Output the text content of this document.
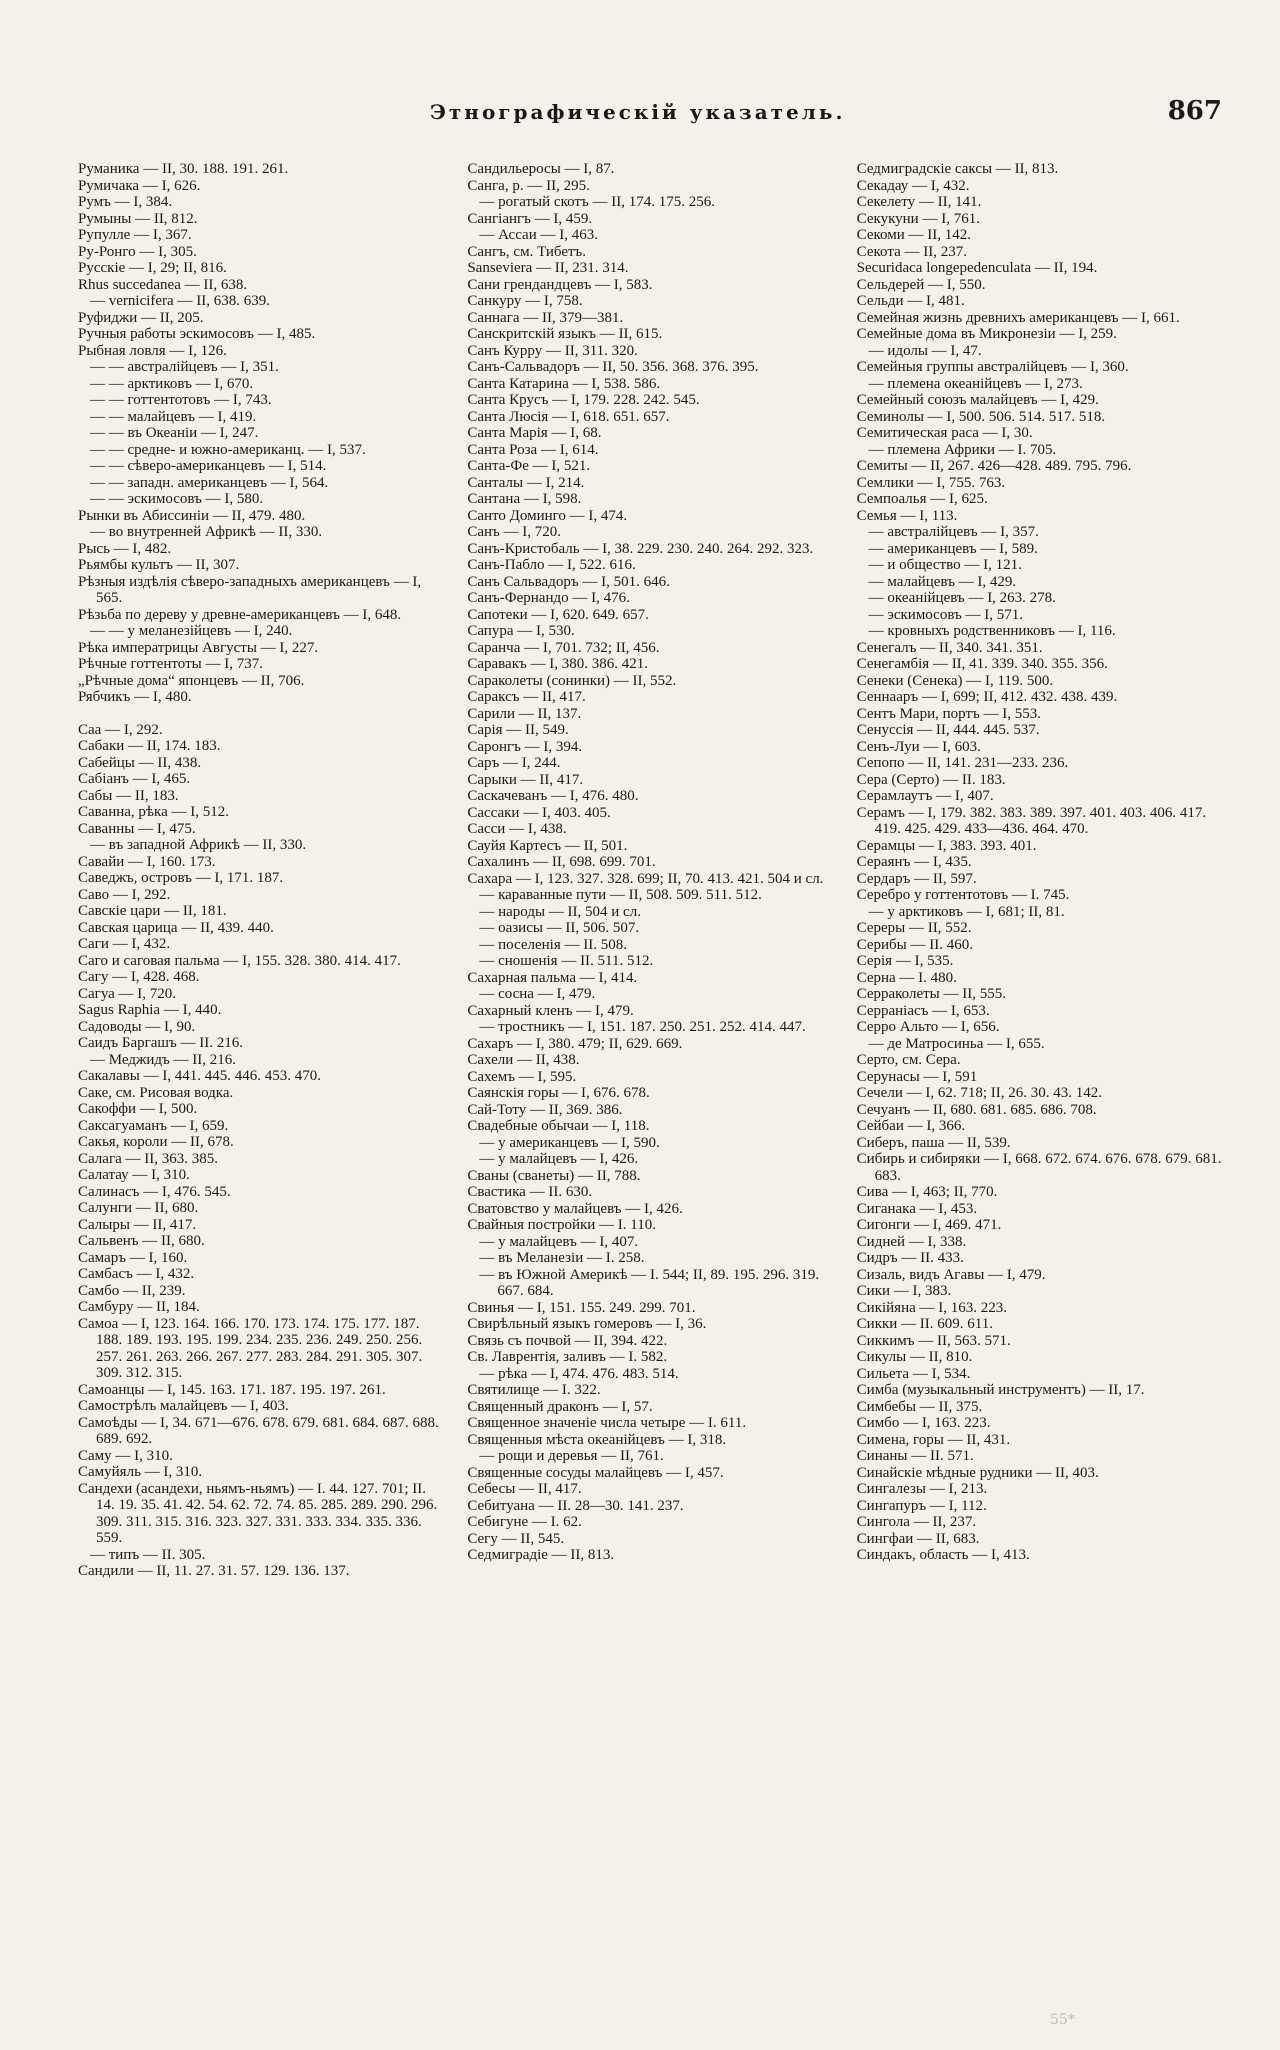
Этнографическiй указатель.	867
Руманика — II, 30. 188. 191. 261.
Румичака — I, 626.
Румъ — I, 384.
Румыны — II, 812.
Рупулле — I, 367.
Ру-Ронго — I, 305.
Русскiе — I, 29; II, 816.
Rhus succedanea — II, 638.
— vernicifera — II, 638. 639.
Руфиджи — II, 205.
Ручныя работы эскимосовъ — I, 485.
Рыбная ловля — I, 126.
— — австралiйцевъ — I, 351.
— — арктиковъ — I, 670.
— — готтентотовъ — I, 743.
— — малайцевъ — I, 419.
— — въ Океанiи — I, 247.
— — средне- и южно-американц. — I, 537.
— — сѣверо-американцевъ — I, 514.
— — западн. американцевъ — I, 564.
— — эскимосовъ — I, 580.
Рынки въ Абиссинiи — II, 479. 480.
— во внутренней Африкѣ — II, 330.
Рысь — I, 482.
Рьямбы культъ — II, 307.
Рѣзныя издѣлiя сѣверо-западныхъ американцевъ — I, 565.
Рѣзьба по дереву у древне-американцевъ — I, 648.
— — у меланезiйцевъ — I, 240.
Рѣка императрицы Августы — I, 227.
Рѣчные готтентоты — I, 737.
„Рѣчные дома“ японцевъ — II, 706.
Рябчикъ — I, 480.
Саа — I, 292.
Сабаки — II, 174. 183.
Сабейцы — II, 438.
Сабiанъ — I, 465.
Сабы — II, 183.
Саванна, рѣка — I, 512.
Саванны — I, 475.
— въ западной Африкѣ — II, 330.
Савайи — I, 160. 173.
Саведжъ, островъ — I, 171. 187.
Саво — I, 292.
Савскiе цари — II, 181.
Савская царица — II, 439. 440.
Саги — I, 432.
Саго и саговая пальма — I, 155. 328. 380. 414. 417.
Сагу — I, 428. 468.
Сагуа — I, 720.
Sagus Raphia — I, 440.
Садоводы — I, 90.
Саидъ Баргашъ — II. 216.
— Меджидъ — II, 216.
Сакалавы — I, 441. 445. 446. 453. 470.
Саке, см. Рисовая водка.
Сакоффи — I, 500.
Саксагуаманъ — I, 659.
Сакья, короли — II, 678.
Салага — II, 363. 385.
Салатау — I, 310.
Салинасъ — I, 476. 545.
Салунги — II, 680.
Салыры — II, 417.
Сальвенъ — II, 680.
Самаръ — I, 160.
Самбасъ — I, 432.
Самбо — II, 239.
Самбуру — II, 184.
Самоа — I, 123. 164. 166. 170. 173. 174. 175. 177. 187. 188. 189. 193. 195. 199. 234. 235. 236. 249. 250. 256. 257. 261. 263. 266. 267. 277. 283. 284. 291. 305. 307. 309. 312. 315.
Самоанцы — I, 145. 163. 171. 187. 195. 197. 261.
Самострѣлъ малайцевъ — I, 403.
Самоѣды — I, 34. 671—676. 678. 679. 681. 684. 687. 688. 689. 692.
Саму — I, 310.
Самуйяль — I, 310.
Сандехи (асандехи, ньямъ-ньямъ) — I. 44. 127. 701; II. 14. 19. 35. 41. 42. 54. 62. 72. 74. 85. 285. 289. 290. 296. 309. 311. 315. 316. 323. 327. 331. 333. 334. 335. 336. 559.
— типъ — II. 305.
Сандили — II, 11. 27. 31. 57. 129. 136. 137.
Сандильеросы — I, 87.
Санга, р. — II, 295.
— рогатый скотъ — II, 174. 175. 256.
Сангiангъ — I, 459.
— Ассаи — I, 463.
Сангъ, см. Тибетъ.
Sanseviera — II, 231. 314.
Сани грендандцевъ — I, 583.
Санкуру — I, 758.
Саннага — II, 379—381.
Санскритскiй языкъ — II, 615.
Санъ Курру — II, 311. 320.
Санъ-Сальвадоръ — II, 50. 356. 368. 376. 395.
Санта Катарина — I, 538. 586.
Санта Крусъ — I, 179. 228. 242. 545.
Санта Люсiя — I, 618. 651. 657.
Санта Марiя — I, 68.
Санта Роза — I, 614.
Санта-Фе — I, 521.
Санталы — I, 214.
Сантана — I, 598.
Санто Доминго — I, 474.
Санъ — I, 720.
Санъ-Кристобаль — I, 38. 229. 230. 240. 264. 292. 323.
Санъ-Пабло — I, 522. 616.
Санъ Сальвадоръ — I, 501. 646.
Санъ-Фернандо — I, 476.
Сапотеки — I, 620. 649. 657.
Сапура — I, 530.
Саранча — I, 701. 732; II, 456.
Саравакъ — I, 380. 386. 421.
Сараколеты (сонинки) — II, 552.
Сараксъ — II, 417.
Сарили — II, 137.
Сарiя — II, 549.
Саронгъ — I, 394.
Саръ — I, 244.
Сарыки — II, 417.
Саскачеванъ — I, 476. 480.
Сассаки — I, 403. 405.
Сасси — I, 438.
Сауйя Картесъ — II, 501.
Сахалинъ — II, 698. 699. 701.
Сахара — I, 123. 327. 328. 699; II, 70. 413. 421. 504 и сл.
— караванные пути — II, 508. 509. 511. 512.
— народы — II, 504 и сл.
— оазисы — II, 506. 507.
— поселенiя — II. 508.
— сношенiя — II. 511. 512.
Сахарная пальма — I, 414.
— сосна — I, 479.
Сахарный кленъ — I, 479.
— тростникъ — I, 151. 187. 250. 251. 252. 414. 447.
Сахаръ — I, 380. 479; II, 629. 669.
Сахели — II, 438.
Сахемъ — I, 595.
Саянскiя горы — I, 676. 678.
Сай-Тоту — II, 369. 386.
Свадебные обычаи — I, 118.
— у американцевъ — I, 590.
— у малайцевъ — I, 426.
Сваны (сванеты) — II, 788.
Свастика — II. 630.
Сватовство у малайцевъ — I, 426.
Свайныя постройки — I. 110.
— у малайцевъ — I, 407.
— въ Меланезiи — I. 258.
— въ Южной Америкѣ — I. 544; II, 89. 195. 296. 319. 667. 684.
Свинья — I, 151. 155. 249. 299. 701.
Свирѣльный языкъ гомеровъ — I, 36.
Связь съ почвой — II, 394. 422.
Св. Лаврентiя, заливъ — I. 582.
— рѣка — I, 474. 476. 483. 514.
Святилище — I. 322.
Священный драконъ — I, 57.
Священное значенiе числа четыре — I. 611.
Священныя мѣста океанiйцевъ — I, 318.
— рощи и деревья — II, 761.
Священные сосуды малайцевъ — I, 457.
Себесы — II, 417.
Себитуана — II. 28—30. 141. 237.
Себигуне — I. 62.
Сегу — II, 545.
Седмиградiе — II, 813.
Седмиградскiе саксы — II, 813.
Секадау — I, 432.
Секелету — II, 141.
Секукуни — I, 761.
Секоми — II, 142.
Секота — II, 237.
Securidaca longepedenculata — II, 194.
Сельдерей — I, 550.
Сельди — I, 481.
Семейная жизнь древнихъ американцевъ — I, 661.
Семейные дома въ Микронезiи — I, 259.
— идолы — I, 47.
Семейныя группы австралiйцевъ — I, 360.
— племена океанiйцевъ — I, 273.
Семейный союзъ малайцевъ — I, 429.
Семинолы — I, 500. 506. 514. 517. 518.
Семитическая раса — I, 30.
— племена Африки — I. 705.
Семиты — II, 267. 426—428. 489. 795. 796.
Семлики — I, 755. 763.
Семпоалья — I, 625.
Семья — I, 113.
— австралiйцевъ — I, 357.
— американцевъ — I, 589.
— и общество — I, 121.
— малайцевъ — I, 429.
— океанiйцевъ — I, 263. 278.
— эскимосовъ — I, 571.
— кровныхъ родственниковъ — I, 116.
Сенегалъ — II, 340. 341. 351.
Сенегамбiя — II, 41. 339. 340. 355. 356.
Сенеки (Сенека) — I, 119. 500.
Сеннааръ — I, 699; II, 412. 432. 438. 439.
Сентъ Мари, портъ — I, 553.
Сенуссiя — II, 444. 445. 537.
Сенъ-Луи — I, 603.
Сепопо — II, 141. 231—233. 236.
Сера (Серто) — II. 183.
Серамлаутъ — I, 407.
Серамъ — I, 179. 382. 383. 389. 397. 401. 403. 406. 417. 419. 425. 429. 433—436. 464. 470.
Серамцы — I, 383. 393. 401.
Сераянъ — I, 435.
Сердаръ — II, 597.
Серебро у готтентотовъ — I. 745.
— у арктиковъ — I, 681; II, 81.
Сереры — II, 552.
Серибы — II. 460.
Серiя — I, 535.
Серна — I. 480.
Серраколеты — II, 555.
Серранiасъ — I, 653.
Серро Альто — I, 656.
— де Матросиньа — I, 655.
Серто, см. Сера.
Серунасы — I, 591
Сечели — I, 62. 718; II, 26. 30. 43. 142.
Сечуанъ — II, 680. 681. 685. 686. 708.
Сейбаи — I, 366.
Сиберъ, паша — II, 539.
Сибирь и сибиряки — I, 668. 672. 674. 676. 678. 679. 681. 683.
Сива — I, 463; II, 770.
Сиганака — I, 453.
Сигонги — I, 469. 471.
Сидней — I, 338.
Сидръ — II. 433.
Сизаль, видъ Агавы — I, 479.
Сики — I, 383.
Сикiйяна — I, 163. 223.
Сикки — II. 609. 611.
Сиккимъ — II, 563. 571.
Сикулы — II, 810.
Сильета — I, 534.
Симба (музыкальный инструментъ) — II, 17.
Симбебы — II, 375.
Симбо — I, 163. 223.
Симена, горы — II, 431.
Синаны — II. 571.
Синайскiе мѣдные рудники — II, 403.
Сингалезы — I, 213.
Сингапуръ — I, 112.
Сингола — II, 237.
Сингфаи — II, 683.
Синдакъ, область — I, 413.
55*
